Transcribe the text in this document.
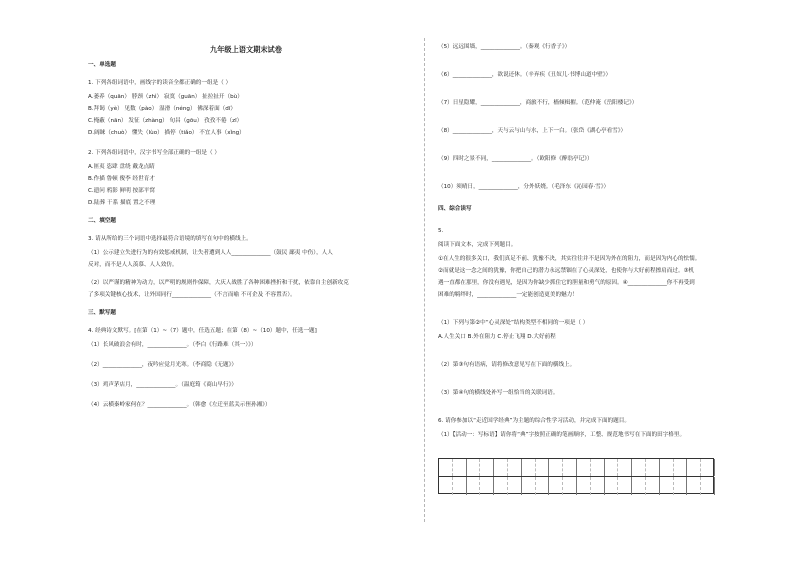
九年级上语文期末试卷
一、单选题
1. 下列各组词语中，画线字的读音全都正确的一组是（ ）
A.萎养（quān） 脖颈（zhì） 寂寞（guān） 扯拉扯开（bù）
B.拜谒（yè） 见数（pào） 湿滑（néng） 佛深着面（dī）
C.掩蔽（nān） 发征（zhàng） 旬昌（gōu） 孜孜不倦（zī）
D.阔睐（chuò） 懂失（lùo） 描停（tiǎo） 不宜人事（xǐng）
2. 下列各组词语中，汉字书写全部正确的一组是（ ）
A.匪夷 恣肆 盘绕 戴龙点睛
B.作描 鲁顿 俊李 经世育才
C.遗问 鸦影 鲜明 按部平窝
D.陆葬 干系 描底 置之不理
二、填空题
3. 请从所给的三个词语中选择最符合语境的填写在句中的横线上。
（1）公示建立失进行为的有效惩戒机制，让失者遭到人人______________（鼓民 鄙夷 中伤），人人
反对，而不是人人羡慕、人人效仿。
（2）以严谨的精神为动力，以严明的规则作保障，大庆人战胜了各种困难挫折和干扰，依靠自主创新攻克
了多项关键核心技术，让外国同行______________（不言而喻 不可企及 不容置否）。
三、默写题
4. 经典诗文默写。[在第（1）~（7）题中，任选五题；在第（8）~（10）题中，任选一题]
（1）长风破浪会有时，______________。（李白《行路难（其一）》）
（2）______________，夜吟应觉月光寒。（李商隐《无题》）
（3）鸡声茅店月，______________。（温庭筠《商山早行》）
（4）云横秦岭家何在？______________。（韩愈《左迁至蓝关示侄孙湘》）
（5）远远围墙，______________。（秦观《行香子》）
（6）______________，欲说还休。（辛弃疾《丑奴儿·书博山道中壁》）
（7）日星隐耀，______________，商旅不行，樯倾楫摧。（范仲淹《岳阳楼记》）
（8）______________，天与云与山与水，上下一白。（张岱《湖心亭看雪》）
（9）四时之景不同，______________。（欧阳修《醉翁亭记》）
（10）须晴日，______________，分外妖娆。（毛泽东《沁园春·雪》）
四、综合读写
5.
阅读下面文本，完成下列题目。
①在人生的很多关口，我们真足不前、犹豫不决，其实往往并不是因为外在的阻力，而是因为内心的怯懦。
②而就是这一念之间的犹豫，你把自己的潜力永远禁锢在了心灵深处，也使你与大好前程擦肩而过。③机
遇一直都在那里，你没有遇见，是因为你缺少抓住它的胆量和勇气的原因。④______________你不再受到
困难的羁绊时，______________一定能创造更美的魅力！
（1）下列与第②中“心灵深处”结构类型不相同的一项是（ ）
A.人生关口 B.外在阻力 C.停止飞翔 D.大好前程
（2）第③句有语病，请将修改意见写在下面的横线上。
（3）第④句的横线处补写一组恰当的关联词语。
6. 请你参加以“走近国学经典”为主题的综合性学习活动，并完成下面的题目。
（1）【活动一：写标语】请你将“典”字按照正确的笔画顺序，工整、规范地书写在下面的田字格里。
